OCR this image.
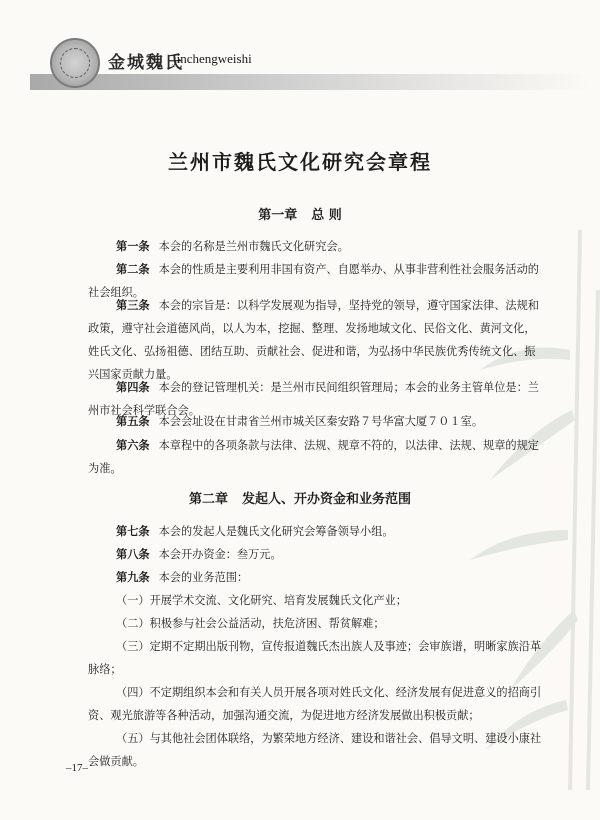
金城魏氏
jinchengweishi
兰州市魏氏文化研究会章程
第一章 总 则

第一条 本会的名称是兰州市魏氏文化研究会。

第二条 本会的性质是主要利用非国有资产、自愿举办、从事非营利性社会服务活动的
社会组织。

第三条 本会的宗旨是：以科学发展观为指导，坚持党的领导，遵守国家法律、法规和
政策，遵守社会道德风尚，以人为本，挖掘、整理、发扬地域文化、民俗文化、黄河文化，
姓氏文化、弘扬祖德、团结互助、贡献社会、促进和谐，为弘扬中华民族优秀传统文化、振
兴国家贡献力量。

第四条 本会的登记管理机关：是兰州市民间组织管理局；本会的业务主管单位是：兰
州市社会科学联合会。

第五条 本会会址设在甘肃省兰州市城关区秦安路７号华富大厦７０１室。

第六条 本章程中的各项条款与法律、法规、规章不符的，以法律、法规、规章的规定
为准。

第二章 发起人、开办资金和业务范围

第七条 本会的发起人是魏氏文化研究会筹备领导小组。

第八条 本会开办资金：叁万元。

第九条 本会的业务范围：

（一）开展学术交流、文化研究、培育发展魏氏文化产业；

（二）积极参与社会公益活动，扶危济困、帮贫解难；

（三）定期不定期出版刊物，宣传报道魏氏杰出族人及事迹；会审族谱，明晰家族沿革
脉络；

（四）不定期组织本会和有关人员开展各项对姓氏文化、经济发展有促进意义的招商引
资、观光旅游等各种活动，加强沟通交流，为促进地方经济发展做出积极贡献；

（五）与其他社会团体联络，为繁荣地方经济、建设和谐社会、倡导文明、建设小康社
会做贡献。

–17–
